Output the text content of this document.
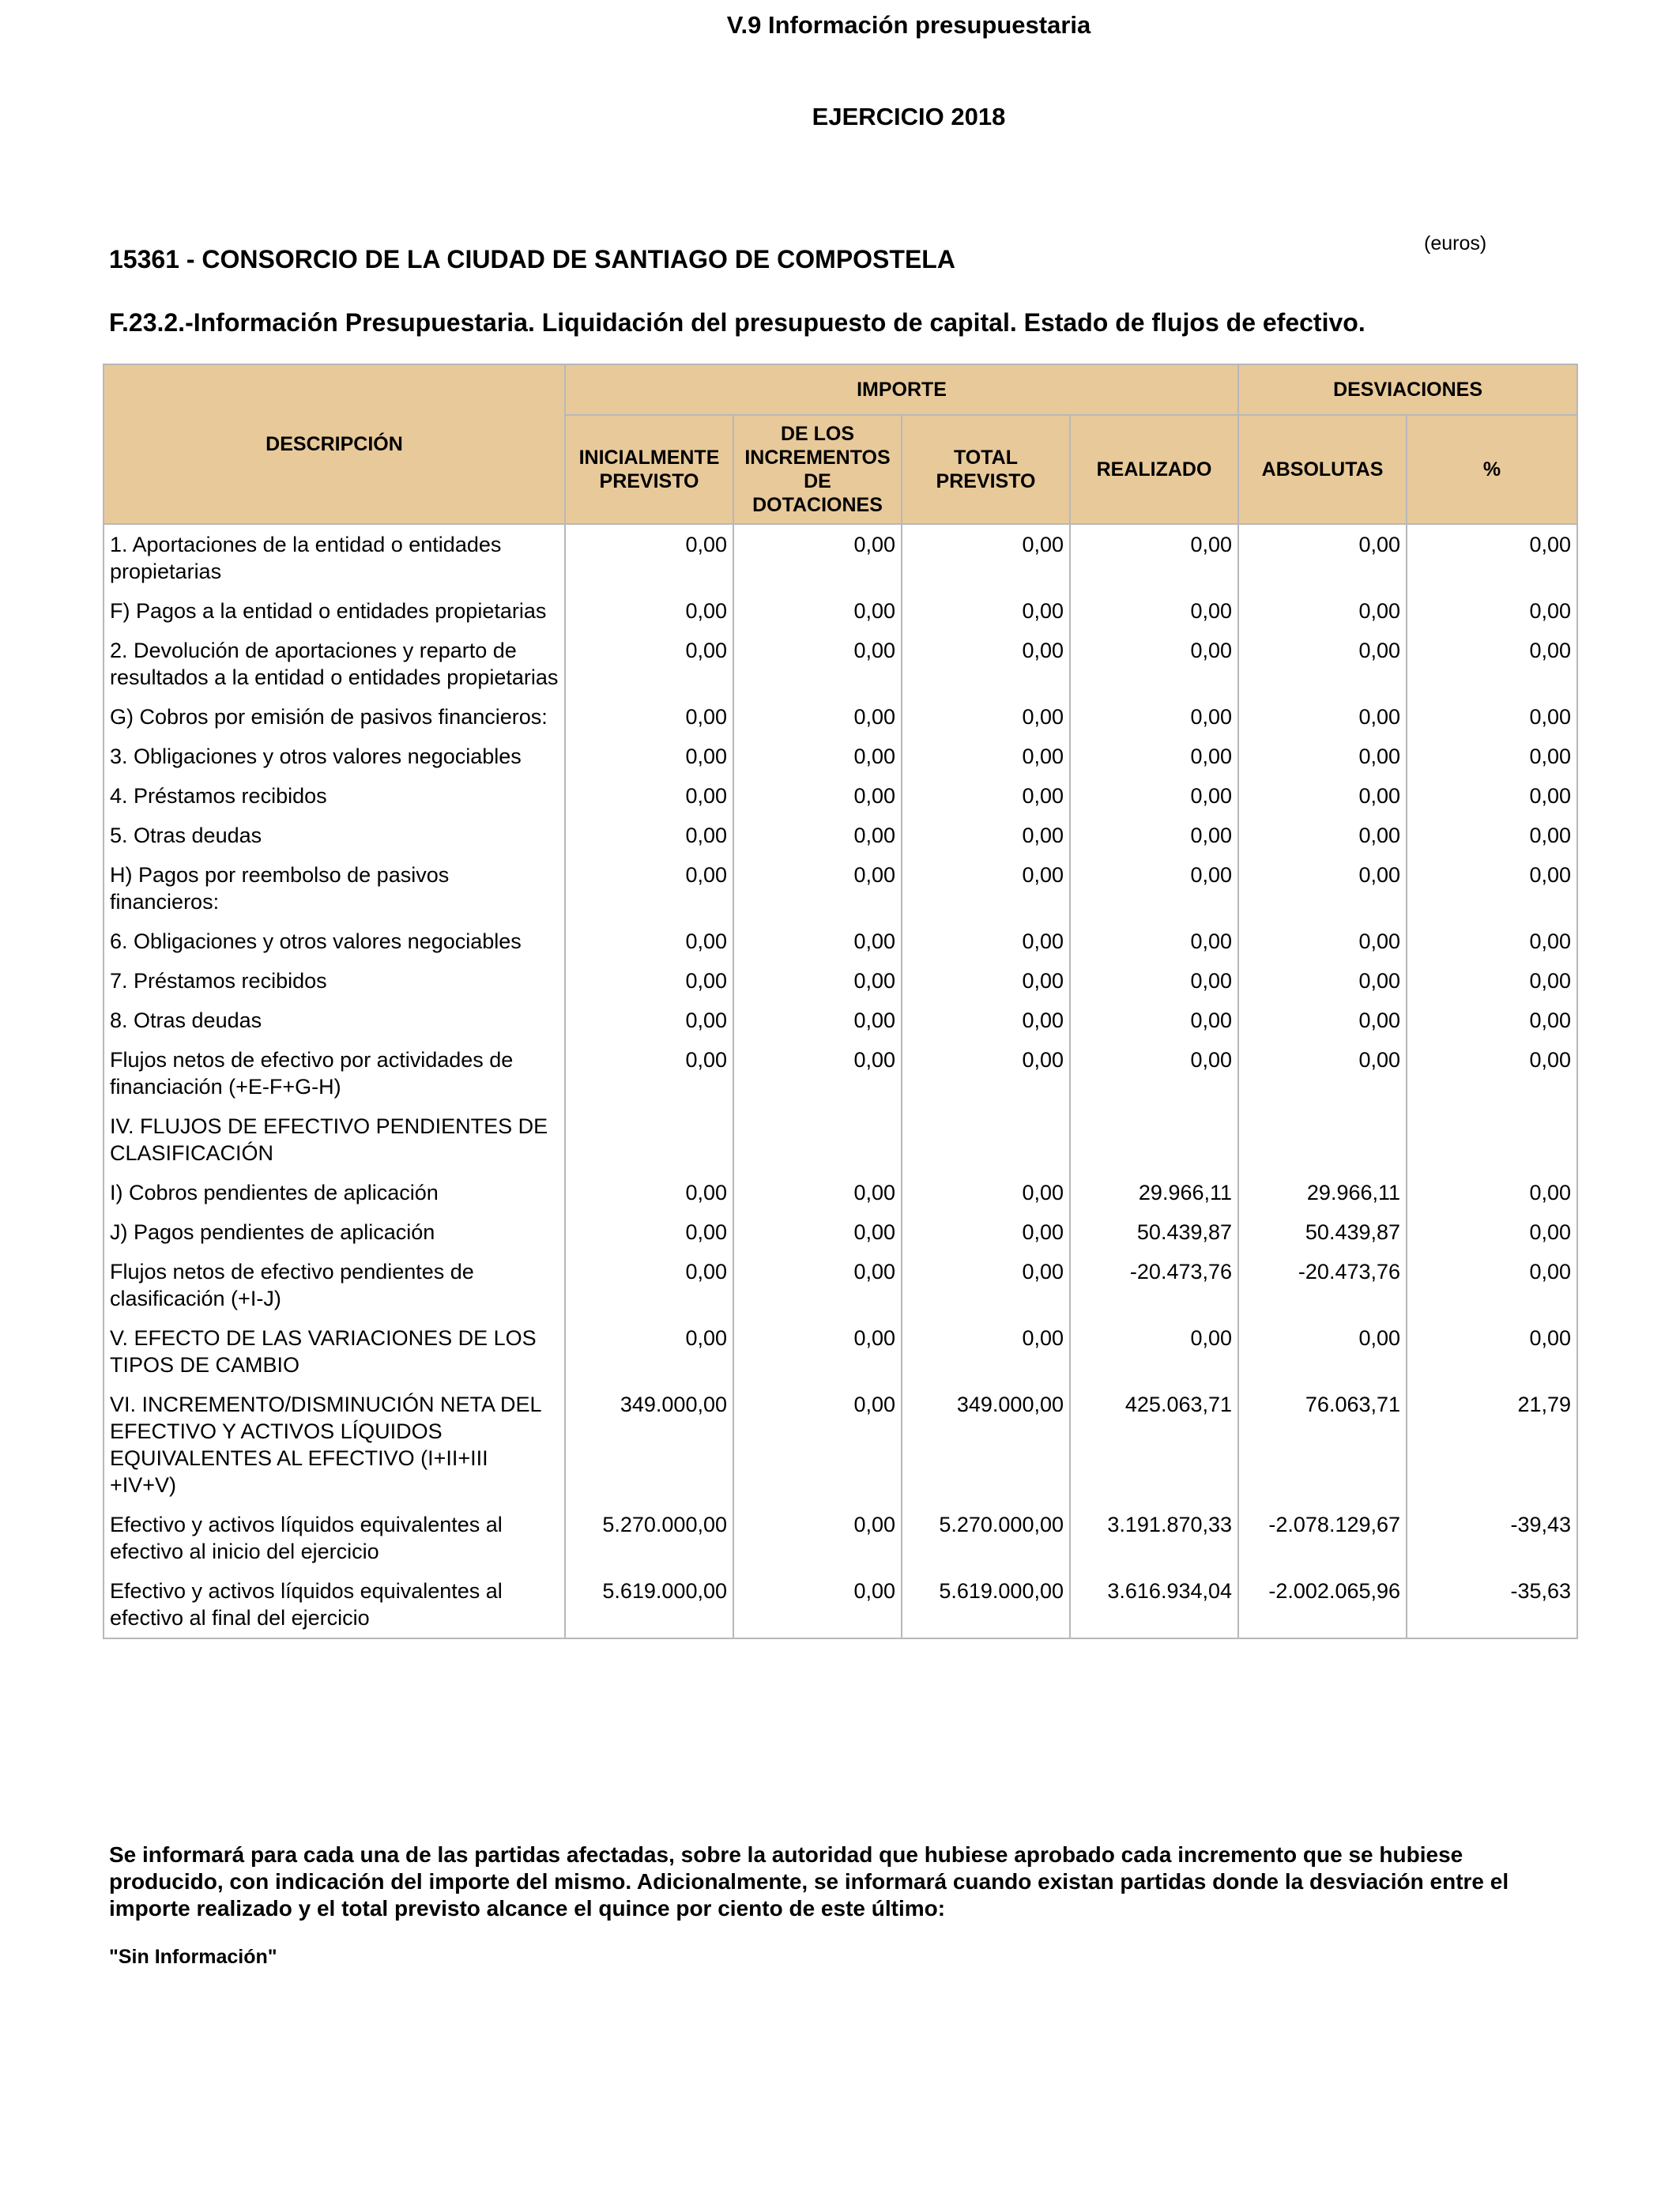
V.9 Información presupuestaria
EJERCICIO 2018
(euros)
15361 - CONSORCIO DE LA CIUDAD DE SANTIAGO DE COMPOSTELA
F.23.2.-Información Presupuestaria. Liquidación del presupuesto de capital. Estado de flujos de efectivo.
DESCRIPCIÓN	IMPORTE				DESVIACIONES	
	INICIALMENTE PREVISTO	DE LOS INCREMENTOS DE DOTACIONES	TOTAL PREVISTO	REALIZADO	ABSOLUTAS	%
1. Aportaciones de la entidad o entidades propietarias	0,00	0,00	0,00	0,00	0,00	0,00
F) Pagos a la entidad o entidades propietarias	0,00	0,00	0,00	0,00	0,00	0,00
2. Devolución de aportaciones y reparto de resultados a la entidad o entidades propietarias	0,00	0,00	0,00	0,00	0,00	0,00
G) Cobros por emisión de pasivos financieros:	0,00	0,00	0,00	0,00	0,00	0,00
3. Obligaciones y otros valores negociables	0,00	0,00	0,00	0,00	0,00	0,00
4. Préstamos recibidos	0,00	0,00	0,00	0,00	0,00	0,00
5. Otras deudas	0,00	0,00	0,00	0,00	0,00	0,00
H) Pagos por reembolso de pasivos financieros:	0,00	0,00	0,00	0,00	0,00	0,00
6. Obligaciones y otros valores negociables	0,00	0,00	0,00	0,00	0,00	0,00
7. Préstamos recibidos	0,00	0,00	0,00	0,00	0,00	0,00
8. Otras deudas	0,00	0,00	0,00	0,00	0,00	0,00
Flujos netos de efectivo por actividades de financiación (+E-F+G-H)	0,00	0,00	0,00	0,00	0,00	0,00
IV. FLUJOS DE EFECTIVO PENDIENTES DE CLASIFICACIÓN						
I) Cobros pendientes de aplicación	0,00	0,00	0,00	29.966,11	29.966,11	0,00
J) Pagos pendientes de aplicación	0,00	0,00	0,00	50.439,87	50.439,87	0,00
Flujos netos de efectivo pendientes de clasificación (+I-J)	0,00	0,00	0,00	-20.473,76	-20.473,76	0,00
V. EFECTO DE LAS VARIACIONES DE LOS TIPOS DE CAMBIO	0,00	0,00	0,00	0,00	0,00	0,00
VI. INCREMENTO/DISMINUCIÓN NETA DEL EFECTIVO Y ACTIVOS LÍQUIDOS EQUIVALENTES AL EFECTIVO (I+II+III +IV+V)	349.000,00	0,00	349.000,00	425.063,71	76.063,71	21,79
Efectivo y activos líquidos equivalentes al efectivo al inicio del ejercicio	5.270.000,00	0,00	5.270.000,00	3.191.870,33	-2.078.129,67	-39,43
Efectivo y activos líquidos equivalentes al efectivo al final del ejercicio	5.619.000,00	0,00	5.619.000,00	3.616.934,04	-2.002.065,96	-35,63
Se informará para cada una de las partidas afectadas, sobre la autoridad que hubiese aprobado cada incremento que se hubiese producido, con indicación del importe del mismo. Adicionalmente, se informará cuando existan partidas donde la desviación entre el importe realizado y el total previsto alcance el quince por ciento de este último:
"Sin Información"
